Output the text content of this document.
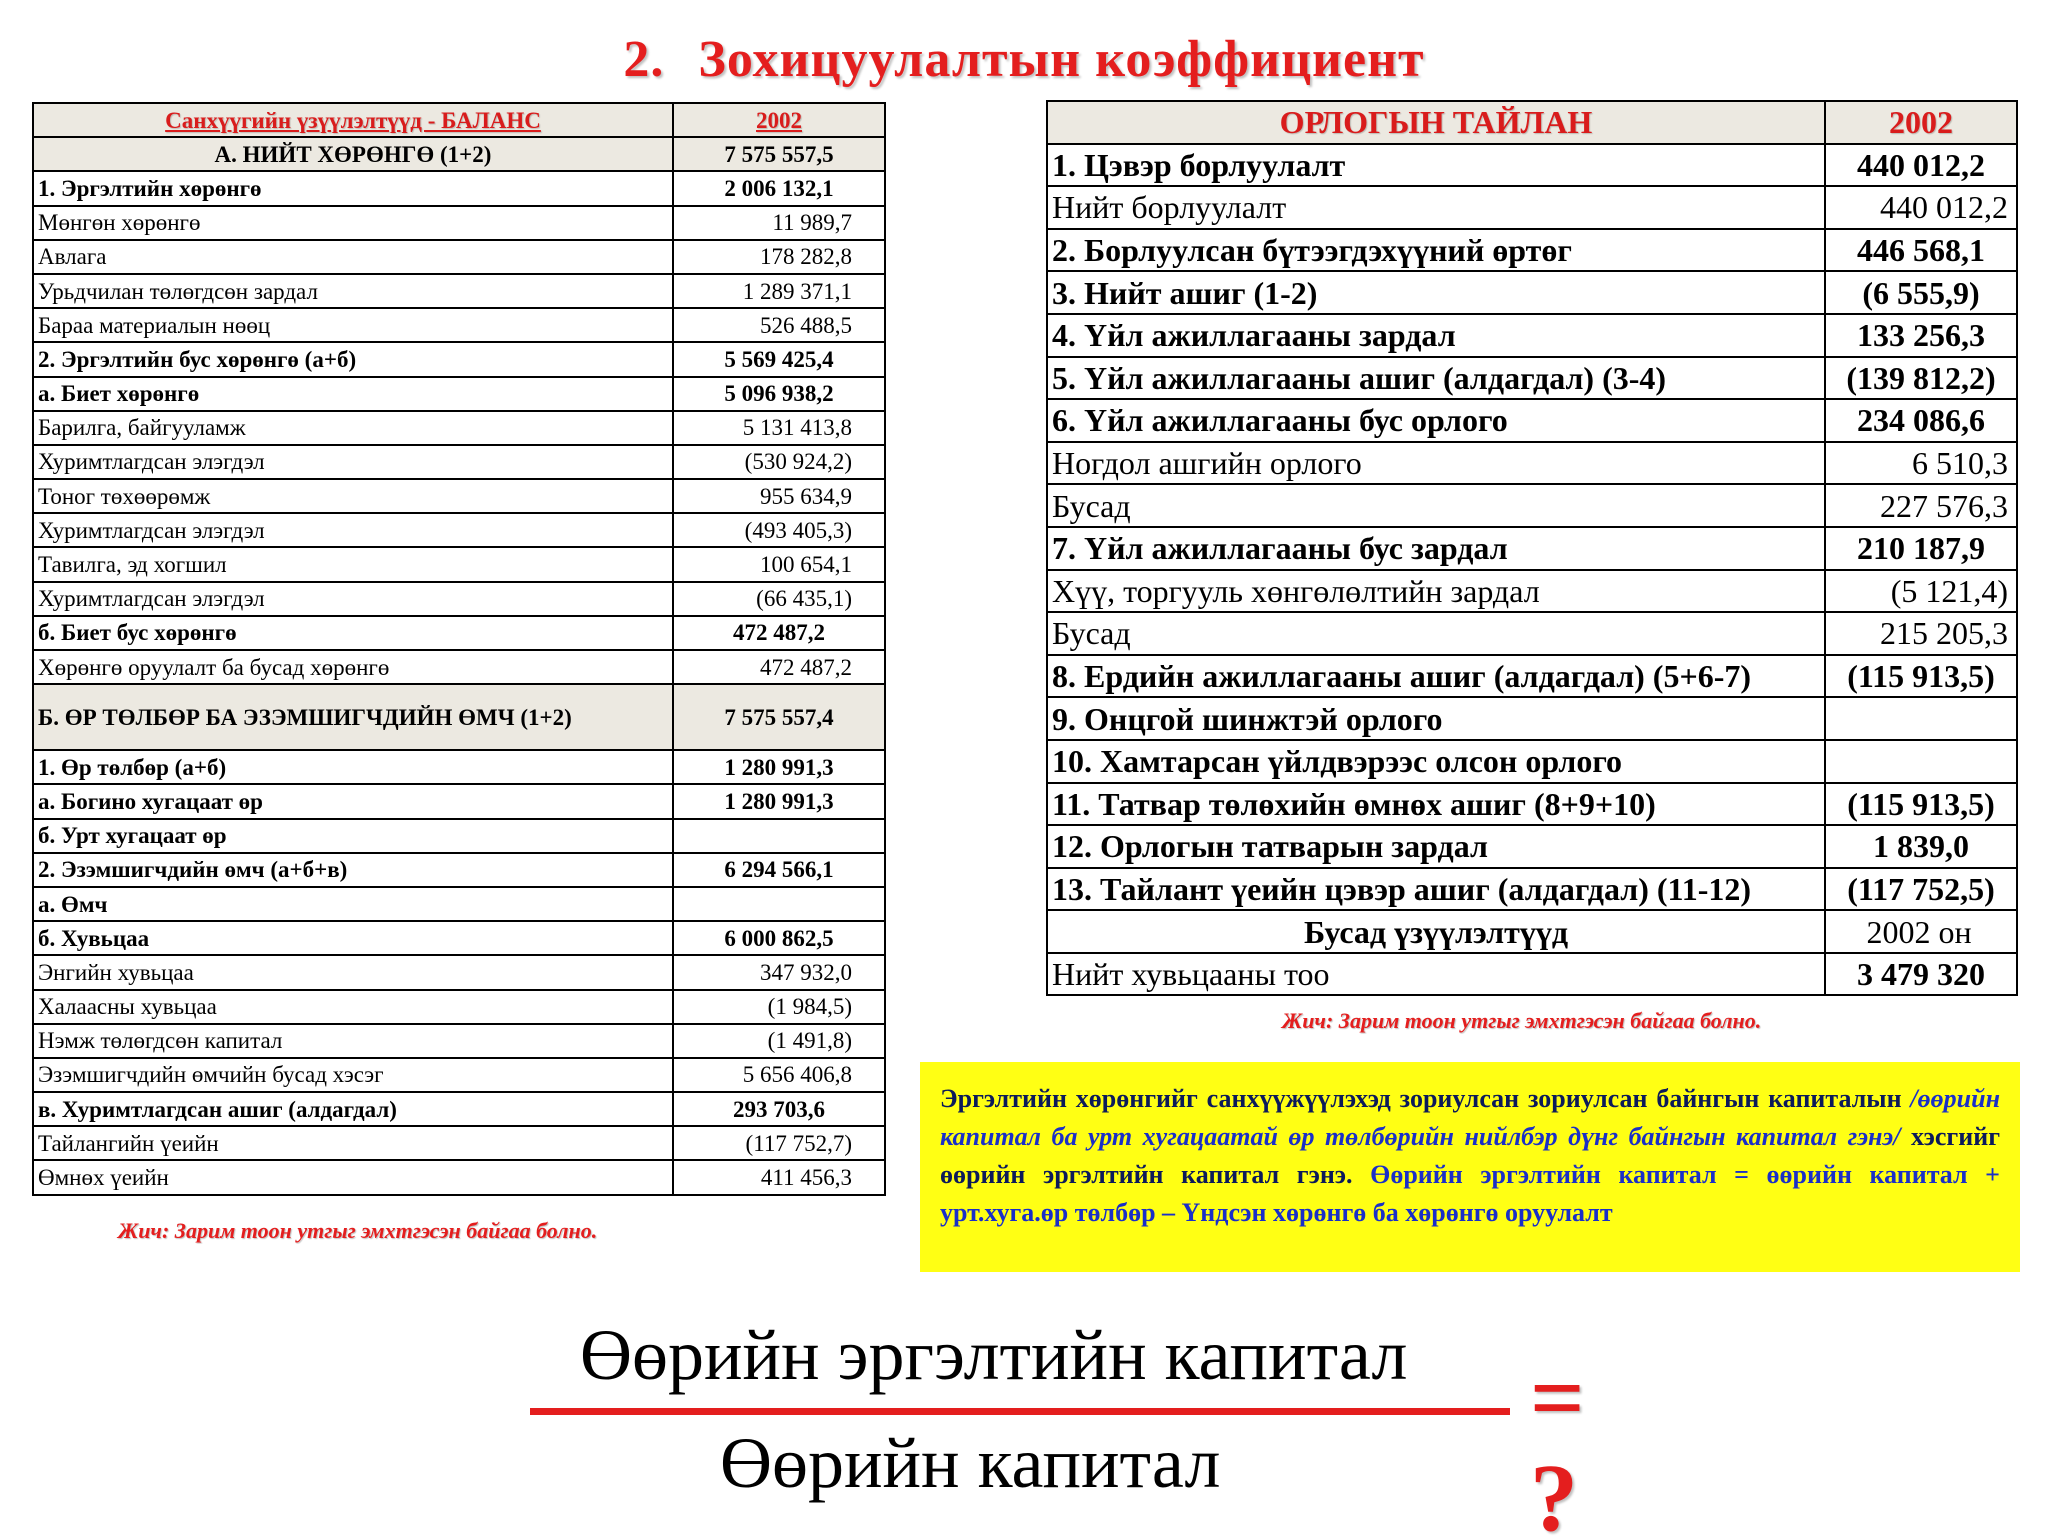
2. Зохицуулалтын коэффициент
Санхүүгийн үзүүлэлтүүд - БАЛАНС	2002
А. НИЙТ ХӨРӨНГӨ (1+2)	7 575 557,5
1. Эргэлтийн хөрөнгө	2 006 132,1
Мөнгөн хөрөнгө	11 989,7
Авлага	178 282,8
Урьдчилан төлөгдсөн зардал	1 289 371,1
Бараа материалын нөөц	526 488,5
2. Эргэлтийн бус хөрөнгө (а+б)	5 569 425,4
а. Биет хөрөнгө	5 096 938,2
Барилга, байгууламж	5 131 413,8
Хуримтлагдсан элэгдэл	(530 924,2)
Тоног төхөөрөмж	955 634,9
Хуримтлагдсан элэгдэл	(493 405,3)
Тавилга, эд хогшил	100 654,1
Хуримтлагдсан элэгдэл	(66 435,1)
б. Биет бус хөрөнгө	472 487,2
Хөрөнгө оруулалт ба бусад хөрөнгө	472 487,2
Б. ӨР ТӨЛБӨР БА ЭЗЭМШИГЧДИЙН ӨМЧ (1+2)	7 575 557,4
1. Өр төлбөр (а+б)	1 280 991,3
а. Богино хугацаат өр	1 280 991,3
б. Урт хугацаат өр	
2. Эзэмшигчдийн өмч (а+б+в)	6 294 566,1
а. Өмч	
б. Хувьцаа	6 000 862,5
Энгийн хувьцаа	347 932,0
Халаасны хувьцаа	(1 984,5)
Нэмж төлөгдсөн капитал	(1 491,8)
Эзэмшигчдийн өмчийн бусад хэсэг	5 656 406,8
в. Хуримтлагдсан ашиг (алдагдал)	293 703,6
Тайлангийн үеийн	(117 752,7)
Өмнөх үеийн	411 456,3
Жич: Зарим тоон утгыг эмхтгэсэн байгаа болно.
ОРЛОГЫН ТАЙЛАН	2002
1. Цэвэр борлуулалт	440 012,2
Нийт борлуулалт	440 012,2
2. Борлуулсан бүтээгдэхүүний өртөг	446 568,1
3. Нийт ашиг (1-2)	(6 555,9)
4. Үйл ажиллагааны зардал	133 256,3
5. Үйл ажиллагааны ашиг (алдагдал) (3-4)	(139 812,2)
6. Үйл ажиллагааны бус орлого	234 086,6
Ногдол ашгийн орлого	6 510,3
Бусад	227 576,3
7. Үйл ажиллагааны бус зардал	210 187,9
Хүү, торгууль хөнгөлөлтийн зардал	(5 121,4)
Бусад	215 205,3
8. Ердийн ажиллагааны ашиг (алдагдал) (5+6-7)	(115 913,5)
9. Онцгой шинжтэй орлого	
10. Хамтарсан үйлдвэрээс олсон орлого	
11. Татвар төлөхийн өмнөх ашиг (8+9+10)	(115 913,5)
12. Орлогын татварын зардал	1 839,0
13. Тайлант үеийн цэвэр ашиг (алдагдал) (11-12)	(117 752,5)
Бусад үзүүлэлтүүд	2002 он
Нийт хувьцааны тоо	3 479 320
Жич: Зарим тоон утгыг эмхтгэсэн байгаа болно.
Эргэлтийн хөрөнгийг санхүүжүүлэхэд зориулсан зориулсан байнгын капиталын /өөрийн капитал ба урт хугацаатай өр төлбөрийн нийлбэр дүнг байнгын капитал гэнэ/ хэсгийг өөрийн эргэлтийн капитал гэнэ. Өөрийн эргэлтийн капитал = өөрийн капитал + урт.хуга.өр төлбөр – Үндсэн хөрөнгө ба хөрөнгө оруулалт
Өөрийн эргэлтийн капитал
Өөрийн капитал
= ?
